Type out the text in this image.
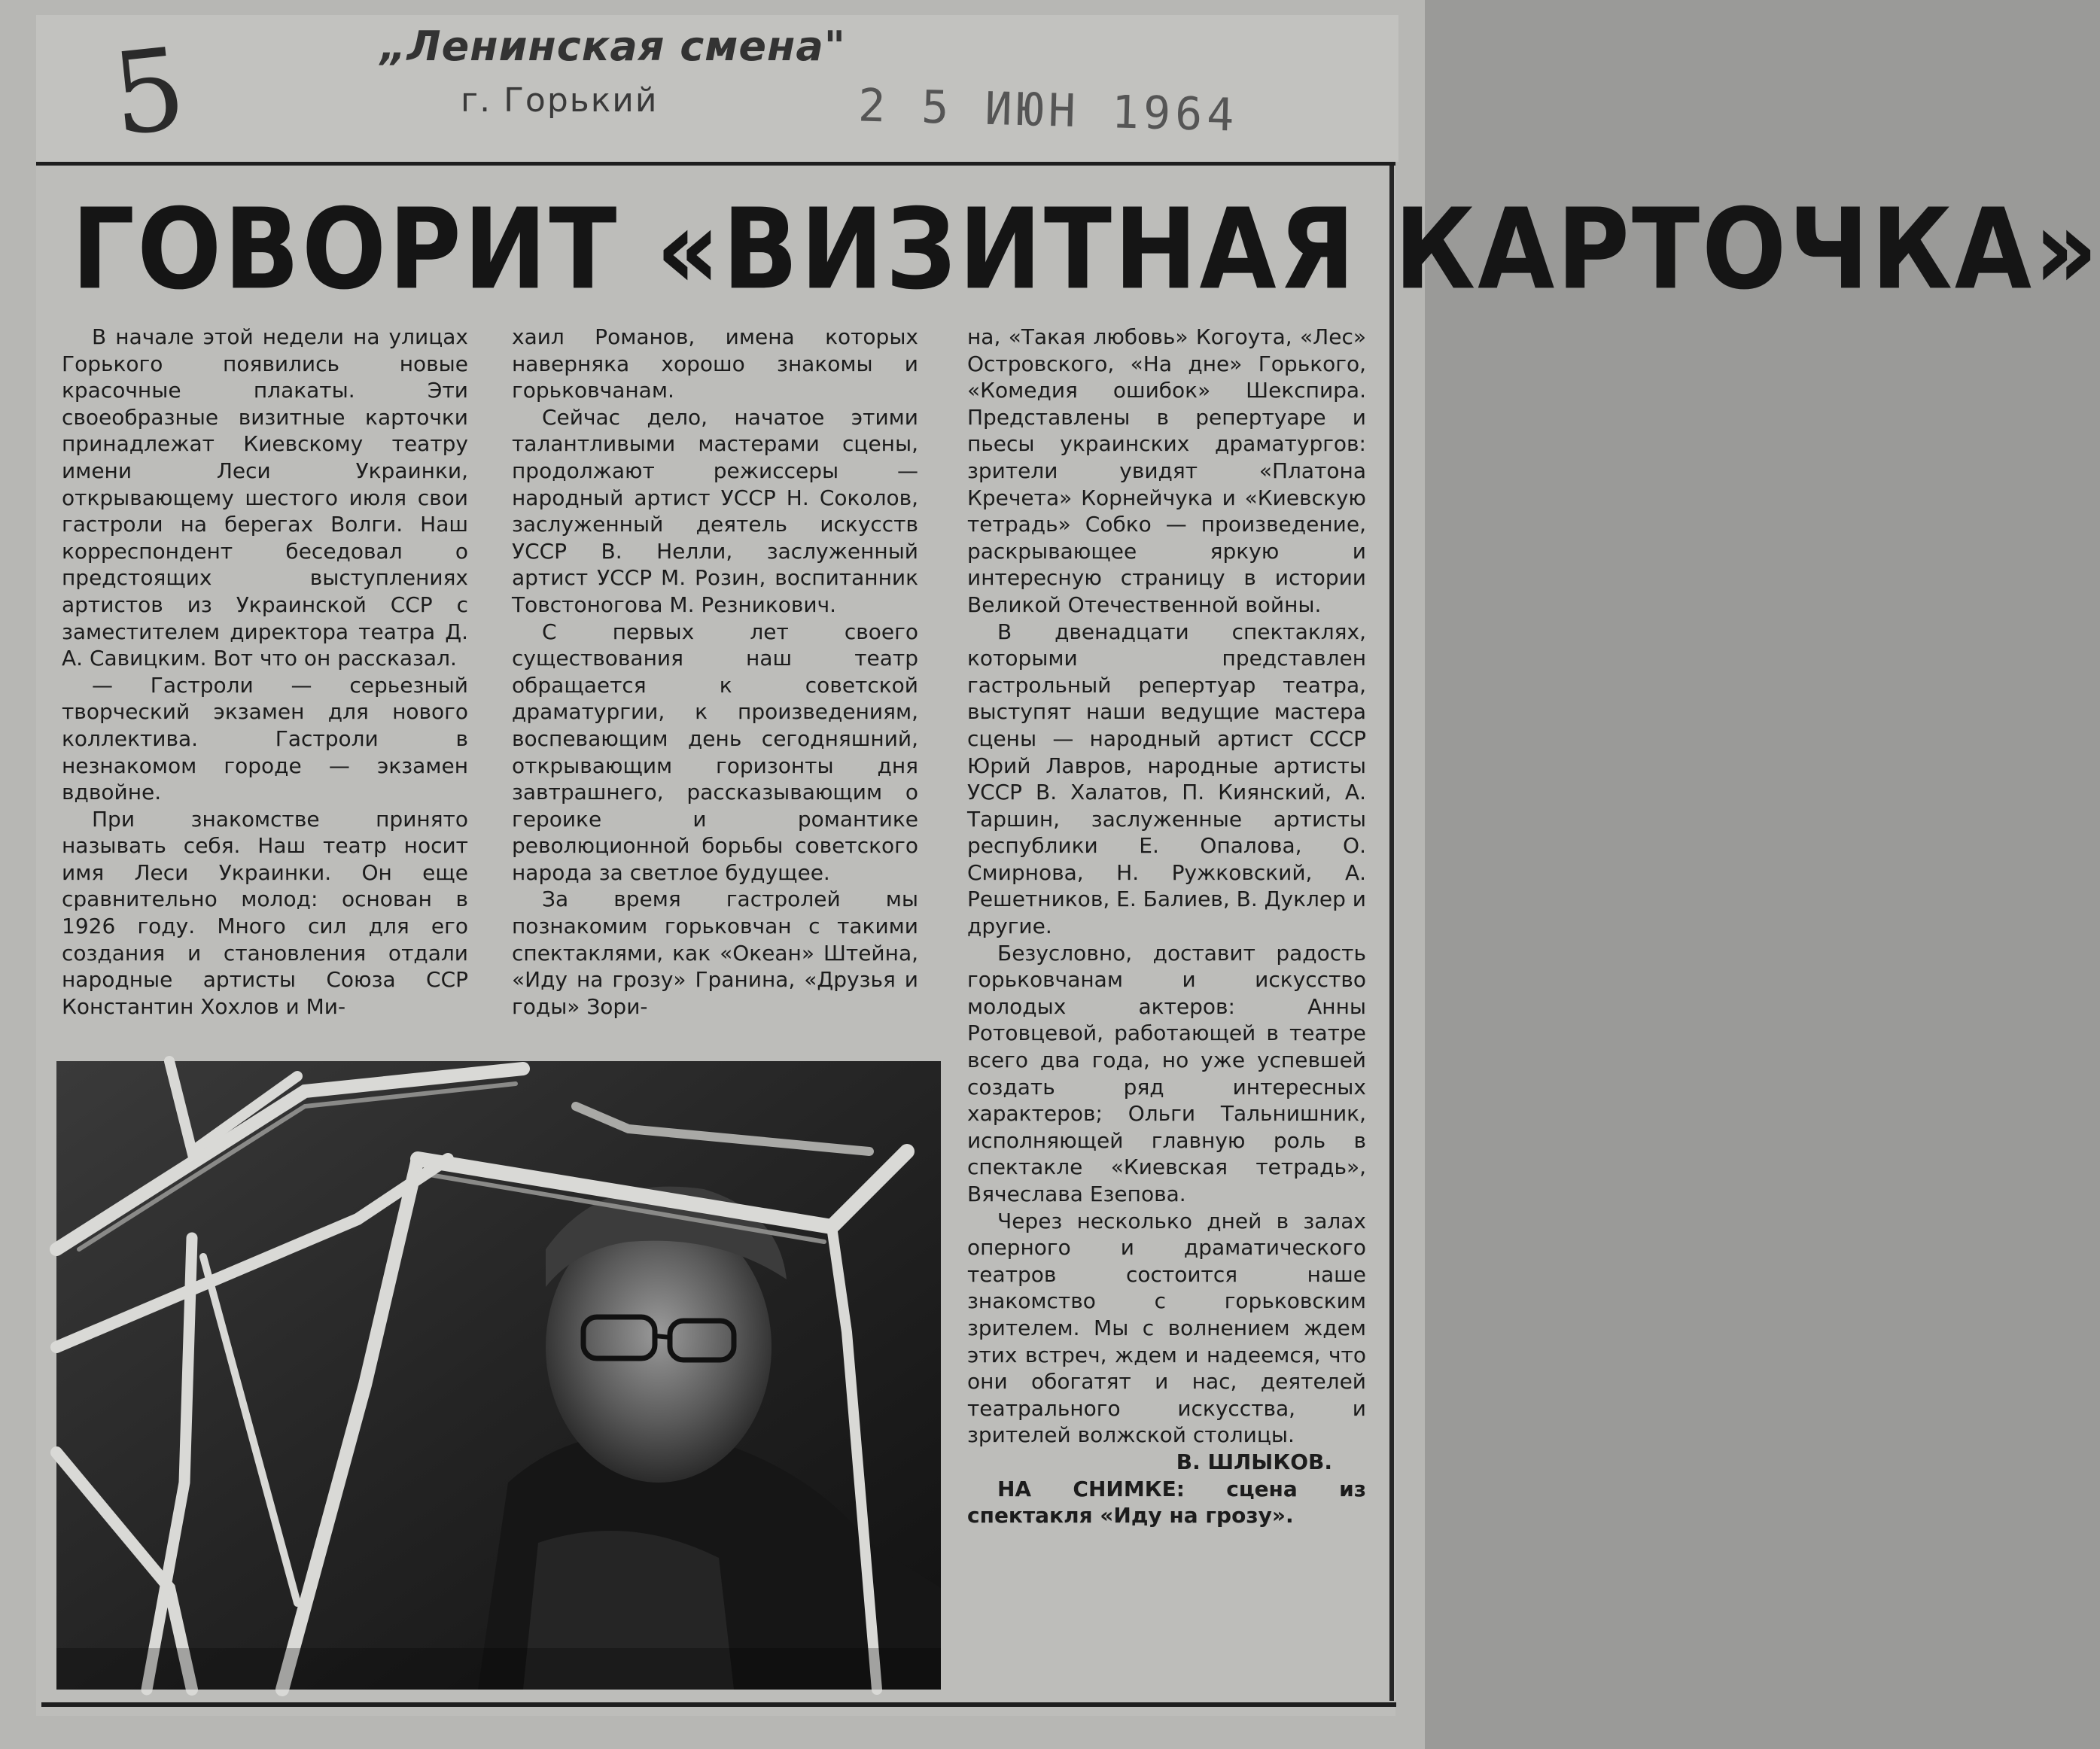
5	„Ленинская смена"
г. Горький	2 5 ИЮН 1964
ГОВОРИТ «ВИЗИТНАЯ КАРТОЧКА»

В начале этой недели на улицах Горького появились новые красочные плакаты. Эти своеобразные визитные карточки принадлежат Киевскому театру имени Леси Украинки, открывающему шестого июля свои гастроли на берегах Волги. Наш корреспондент беседовал о предстоящих выступлениях артистов из Украинской ССР с заместителем директора театра Д. А. Савицким. Вот что он рассказал.

— Гастроли — серьезный творческий экзамен для нового коллектива. Гастроли в незнакомом городе — экзамен вдвойне.

При знакомстве принято называть себя. Наш театр носит имя Леси Украинки. Он еще сравнительно молод: основан в 1926 году. Много сил для его создания и становления отдали народные артисты Союза ССР Константин Хохлов и Ми-

хаил Романов, имена которых наверняка хорошо знакомы и горьковчанам.

Сейчас дело, начатое этими талантливыми мастерами сцены, продолжают режиссеры — народный артист УССР Н. Соколов, заслуженный деятель искусств УССР В. Нелли, заслуженный артист УССР М. Розин, воспитанник Товстоногова М. Резникович.

С первых лет своего существования наш театр обращается к советской драматургии, к произведениям, воспевающим день сегодняшний, открывающим горизонты дня завтрашнего, рассказывающим о героике и романтике революционной борьбы советского народа за светлое будущее.

За время гастролей мы познакомим горьковчан с такими спектаклями, как «Океан» Штейна, «Иду на грозу» Гранина, «Друзья и годы» Зори-

на, «Такая любовь» Когоута, «Лес» Островского, «На дне» Горького, «Комедия ошибок» Шекспира. Представлены в репертуаре и пьесы украинских драматургов: зрители увидят «Платона Кречета» Корнейчука и «Киевскую тетрадь» Собко — произведение, раскрывающее яркую и интересную страницу в истории Великой Отечественной войны.

В двенадцати спектаклях, которыми представлен гастрольный репертуар театра, выступят наши ведущие мастера сцены — народный артист СССР Юрий Лавров, народные артисты УССР В. Халатов, П. Киянский, А. Таршин, заслуженные артисты республики Е. Опалова, О. Смирнова, Н. Ружковский, А. Решетников, Е. Балиев, В. Дуклер и другие.

Безусловно, доставит радость горьковчанам и искусство молодых актеров: Анны Ротовцевой, работающей в театре всего два года, но уже успевшей создать ряд интересных характеров; Ольги Тальнишник, исполняющей главную роль в спектакле «Киевская тетрадь», Вячеслава Езепова.

Через несколько дней в залах оперного и драматического театров состоится наше знакомство с горьковским зрителем. Мы с волнением ждем этих встреч, ждем и надеемся, что они обогатят и нас, деятелей театрального искусства, и зрителей волжской столицы.

В. ШЛЫКОВ.

НА СНИМКЕ: сцена из спектакля «Иду на грозу».
